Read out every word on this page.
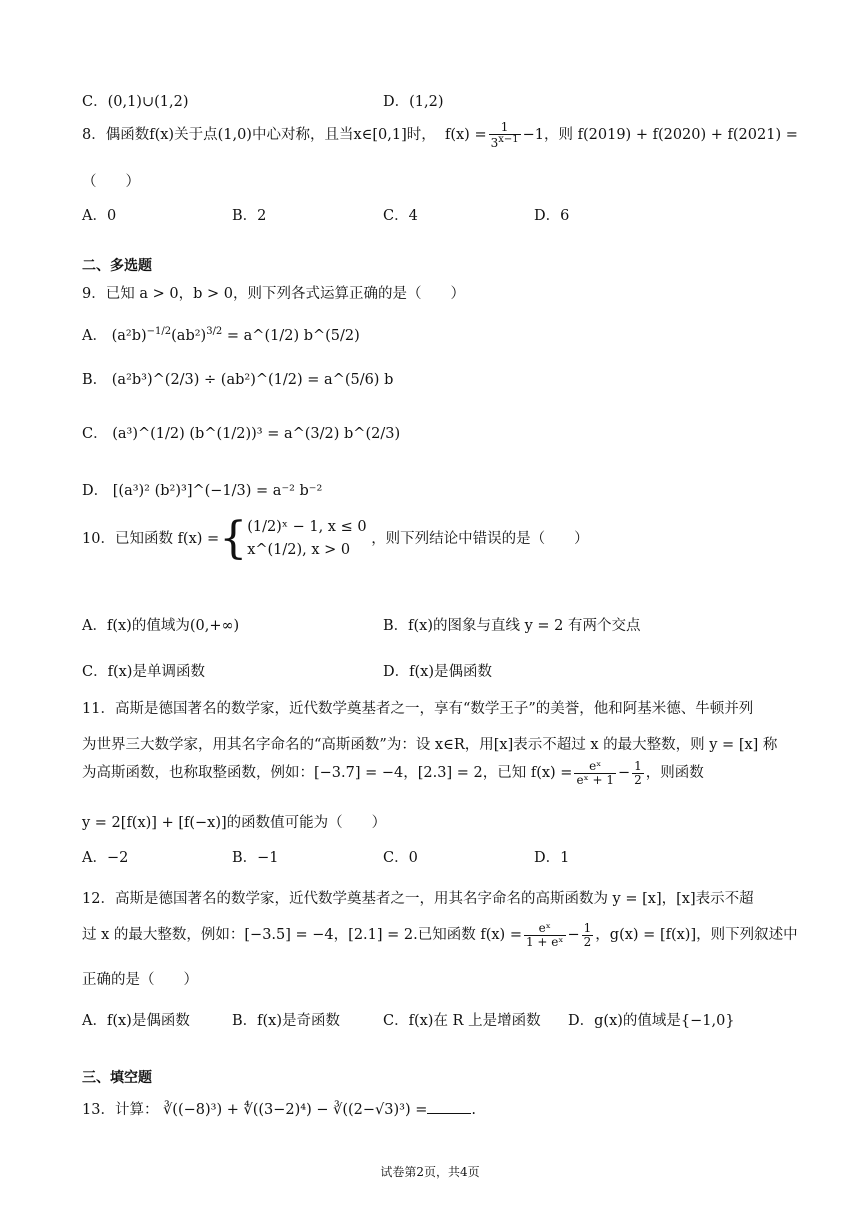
C．(0,1)∪(1,2)	D．(1,2)
8．偶函数f(x)关于点(1,0)中心对称，且当x∈[0,1]时， $f(x) = \frac{1}{3^{x-1}} -1$，则 f(2019) + f(2020) + f(2021) =
（　　）
A．0	B．2	C．4	D．6
二、多选题
9．已知 a > 0，b > 0，则下列各式运算正确的是（　　）
A． $(a^2b)^{-1/2}(ab^2)^{3/2}$ = a^(1/2) b^(5/2)
B． (a²b³)^(2/3) ÷ (ab²)^(1/2) = a^(5/6) b
C． (a³)^(1/2) (b^(1/2))³ = a^(3/2) b^(2/3)
D． [(a³)² (b²)³]^(−1/3) = a⁻² b⁻²
10．已知函数 f(x) ={ (1/2)ˣ − 1, x ≤ 0
x^(1/2), x > 0
，则下列结论中错误的是（　　）
A．f(x)的值域为(0,+∞)	B．f(x)的图象与直线 y = 2 有两个交点
C．f(x)是单调函数	D．f(x)是偶函数
11．高斯是德国著名的数学家，近代数学奠基者之一，享有“数学王子”的美誉，他和阿基米德、牛顿并列
为世界三大数学家，用其名字命名的“高斯函数”为：设 x∈R，用[x]表示不超过 x 的最大整数，则 y = [x] 称
为高斯函数，也称取整函数，例如：[−3.7] = −4，[2.3] = 2，已知 $f(x) = \frac{\text{eˣ}}{\text{eˣ + 1}} - \frac{1}{2}$ ，则函数
y = 2[f(x)] + [f(−x)]的函数值可能为（　　）
A．−2	B．−1	C．0	D．1
12．高斯是德国著名的数学家，近代数学奠基者之一，用其名字命名的高斯函数为 y = [x]，[x]表示不超
过 x 的最大整数，例如：[−3.5] = −4，[2.1] = 2.已知函数 $f(x) = \frac{\text{eˣ}}{\text{1 + eˣ}} - \frac{1}{2}$ ，g(x) = [f(x)]，则下列叙述中
正确的是（　　）
A．f(x)是偶函数	B．f(x)是奇函数	C．f(x)在 R 上是增函数 D．g(x)的值域是{−1,0}
三、填空题
13．计算： ∛((−8)³) + ∜((3−2)⁴) − ∛((2−√3)³) =	.
试卷第2页，共4页
